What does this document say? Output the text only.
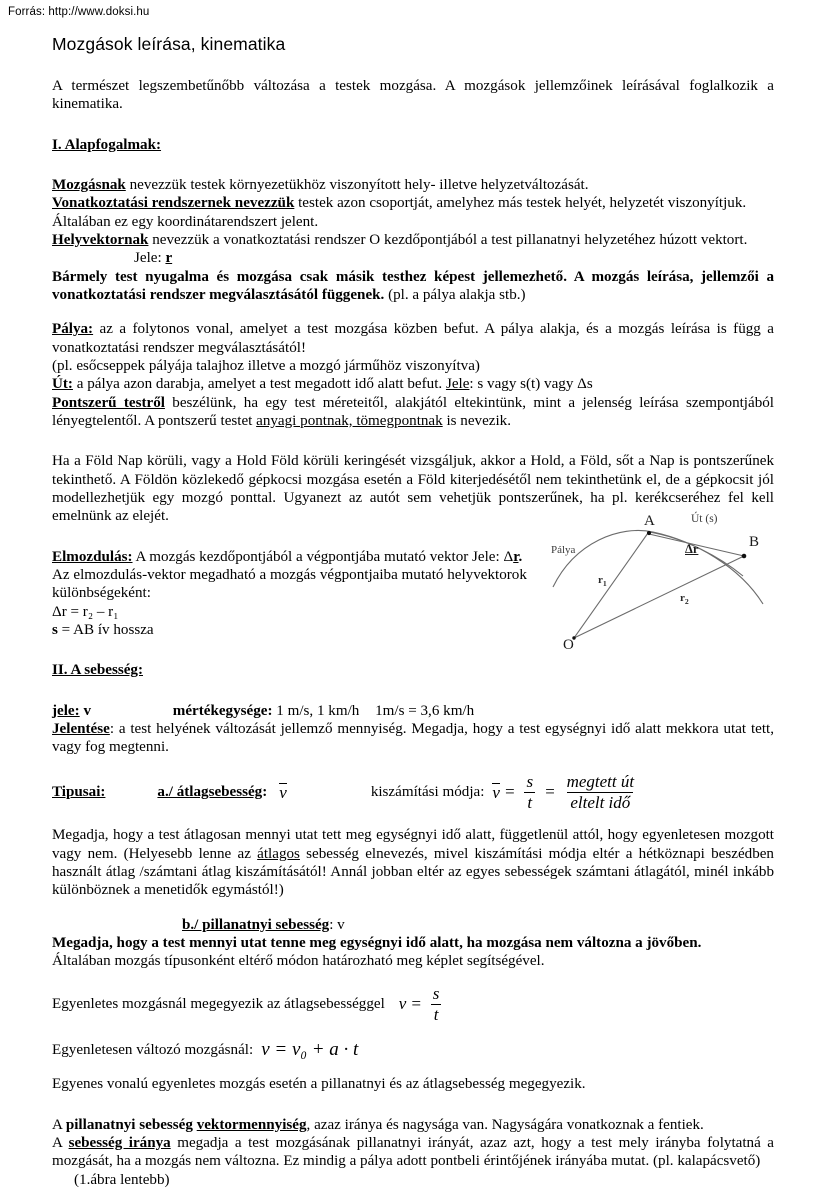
Forrás: http://www.doksi.hu
Mozgások leírása, kinematika

A természet legszembetűnőbb változása a testek mozgása. A mozgások jellemzőinek leírásával foglalkozik a kinematika.

I. Alapfogalmak:

Mozgásnak nevezzük testek környezetükhöz viszonyított hely- illetve helyzetváltozását.

Vonatkoztatási rendszernek nevezzük testek azon csoportját, amelyhez más testek helyét, helyzetét viszonyítjuk. Általában ez egy koordinátarendszert jelent.

Helyvektornak nevezzük a vonatkoztatási rendszer O kezdőpontjából a test pillanatnyi helyzetéhez húzott vektort.

Jele: r

Bármely test nyugalma és mozgása csak másik testhez képest jellemezhető. A mozgás leírása, jellemzői a vonatkoztatási rendszer megválasztásától függenek. (pl. a pálya alakja stb.)

Pálya: az a folytonos vonal, amelyet a test mozgása közben befut. A pálya alakja, és a mozgás leírása is függ a vonatkoztatási rendszer megválasztásától!

(pl. esőcseppek pályája talajhoz illetve a mozgó járműhöz viszonyítva)

Út: a pálya azon darabja, amelyet a test megadott idő alatt befut. Jele: s vagy s(t) vagy Δs

Pontszerű testről beszélünk, ha egy test méreteitől, alakjától eltekintünk, mint a jelenség leírása szempontjából lényegtelentől. A pontszerű testet anyagi pontnak, tömegpontnak is nevezik.

Ha a Föld Nap körüli, vagy a Hold Föld körüli keringését vizsgáljuk, akkor a Hold, a Föld, sőt a Nap is pontszerűnek tekinthető. A Földön közlekedő gépkocsi mozgása esetén a Föld kiterjedésétől nem tekinthetünk el, de a gépkocsit jól modellezhetjük egy mozgó ponttal. Ugyanezt az autót sem vehetjük pontszerűnek, ha pl. kerékcseréhez fel kell emelnünk az elejét.

Elmozdulás: A mozgás kezdőpontjából a végpontjába mutató vektor Jele: Δr.

Az elmozdulás-vektor megadható a mozgás végpontjaiba mutató helyvektorok különbségeként:

Δr = r₂ – r₁

s = AB ív hossza

II. A sebesség:

jele: v	mértékegysége: 1 m/s, 1 km/h 1m/s = 3,6 km/h

Jelentése: a test helyének változását jellemző mennyiség. Megadja, hogy a test egységnyi idő alatt mekkora utat tett, vagy fog megtenni.

Tipusai:	a./ átlagsebesség : v	kiszámítási módja: $v = \frac{s}{t} = \frac{\text{megtett út}}{\text{eltelt idő}}$

Megadja, hogy a test átlagosan mennyi utat tett meg egységnyi idő alatt, függetlenül attól, hogy egyenletesen mozgott vagy nem. (Helyesebb lenne az átlagos sebesség elnevezés, mivel kiszámítási módja eltér a hétköznapi beszédben használt átlag /számtani átlag kiszámításától! Annál jobban eltér az egyes sebességek számtani átlagától, minél inkább különböznek a menetidők egymástól!)

b./ pillanatnyi sebesség: v

Megadja, hogy a test mennyi utat tenne meg egységnyi idő alatt, ha mozgása nem változna a jövőben.

Általában mozgás típusonként eltérő módon határozható meg képlet segítségével.

Egyenletes mozgásnál megegyezik az átlagsebességgel $v = \frac{s}{t}$

Egyenletesen változó mozgásnál: v = v₀ + a · t

Egyenes vonalú egyenletes mozgás esetén a pillanatnyi és az átlagsebesség megegyezik.

A pillanatnyi sebesség vektormennyiség, azaz iránya és nagysága van. Nagyságára vonatkoznak a fentiek.

A sebesség iránya megadja a test mozgásának pillanatnyi irányát, azaz azt, hogy a test mely irányba folytatná a mozgását, ha a mozgás nem változna. Ez mindig a pálya adott pontbeli érintőjének irányába mutat. (pl. kalapácsvető)

(1.ábra lentebb)

Pálya
Út (s)
A
B
O
Δr
$r_1$
$r_2$
